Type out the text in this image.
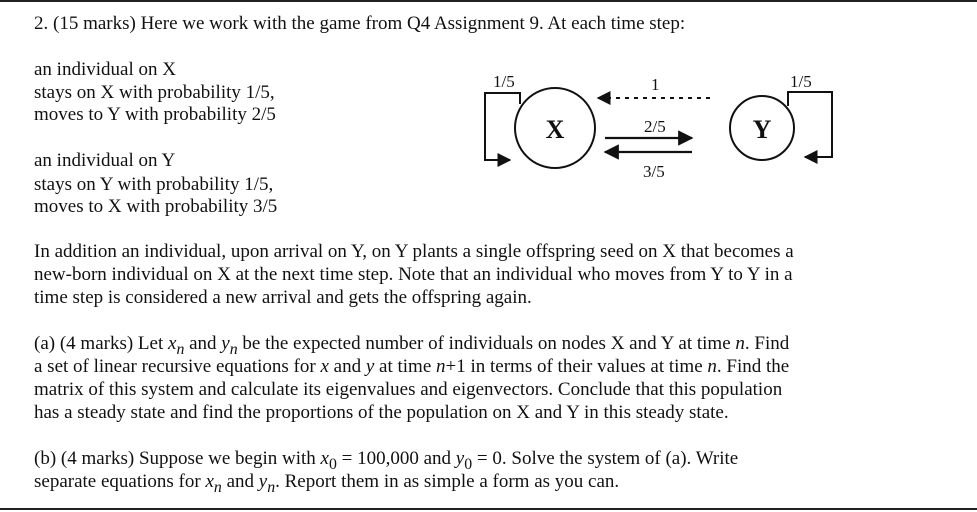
2. (15 marks) Here we work with the game from Q4 Assignment 9. At each time step:
an individual on X
stays on X with probability 1/5,
moves to Y with probability 2/5
an individual on Y
stays on Y with probability 1/5,
moves to X with probability 3/5
X	Y
1/5	1/5
1
2/5
3/5
In addition an individual, upon arrival on Y, on Y plants a single offspring seed on X that becomes a
new-born individual on X at the next time step. Note that an individual who moves from Y to Y in a
time step is considered a new arrival and gets the offspring again.
(a) (4 marks) Let $x_n$ and $y_n$ be the expected number of individuals on nodes X and Y at time n. Find
a set of linear recursive equations for x and y at time n+1 in terms of their values at time n. Find the
matrix of this system and calculate its eigenvalues and eigenvectors. Conclude that this population
has a steady state and find the proportions of the population on X and Y in this steady state.
(b) (4 marks) Suppose we begin with $x_0 = 100,000$ and $y_0 = 0$. Solve the system of (a). Write
separate equations for $x_n$ and $y_n$. Report them in as simple a form as you can.
